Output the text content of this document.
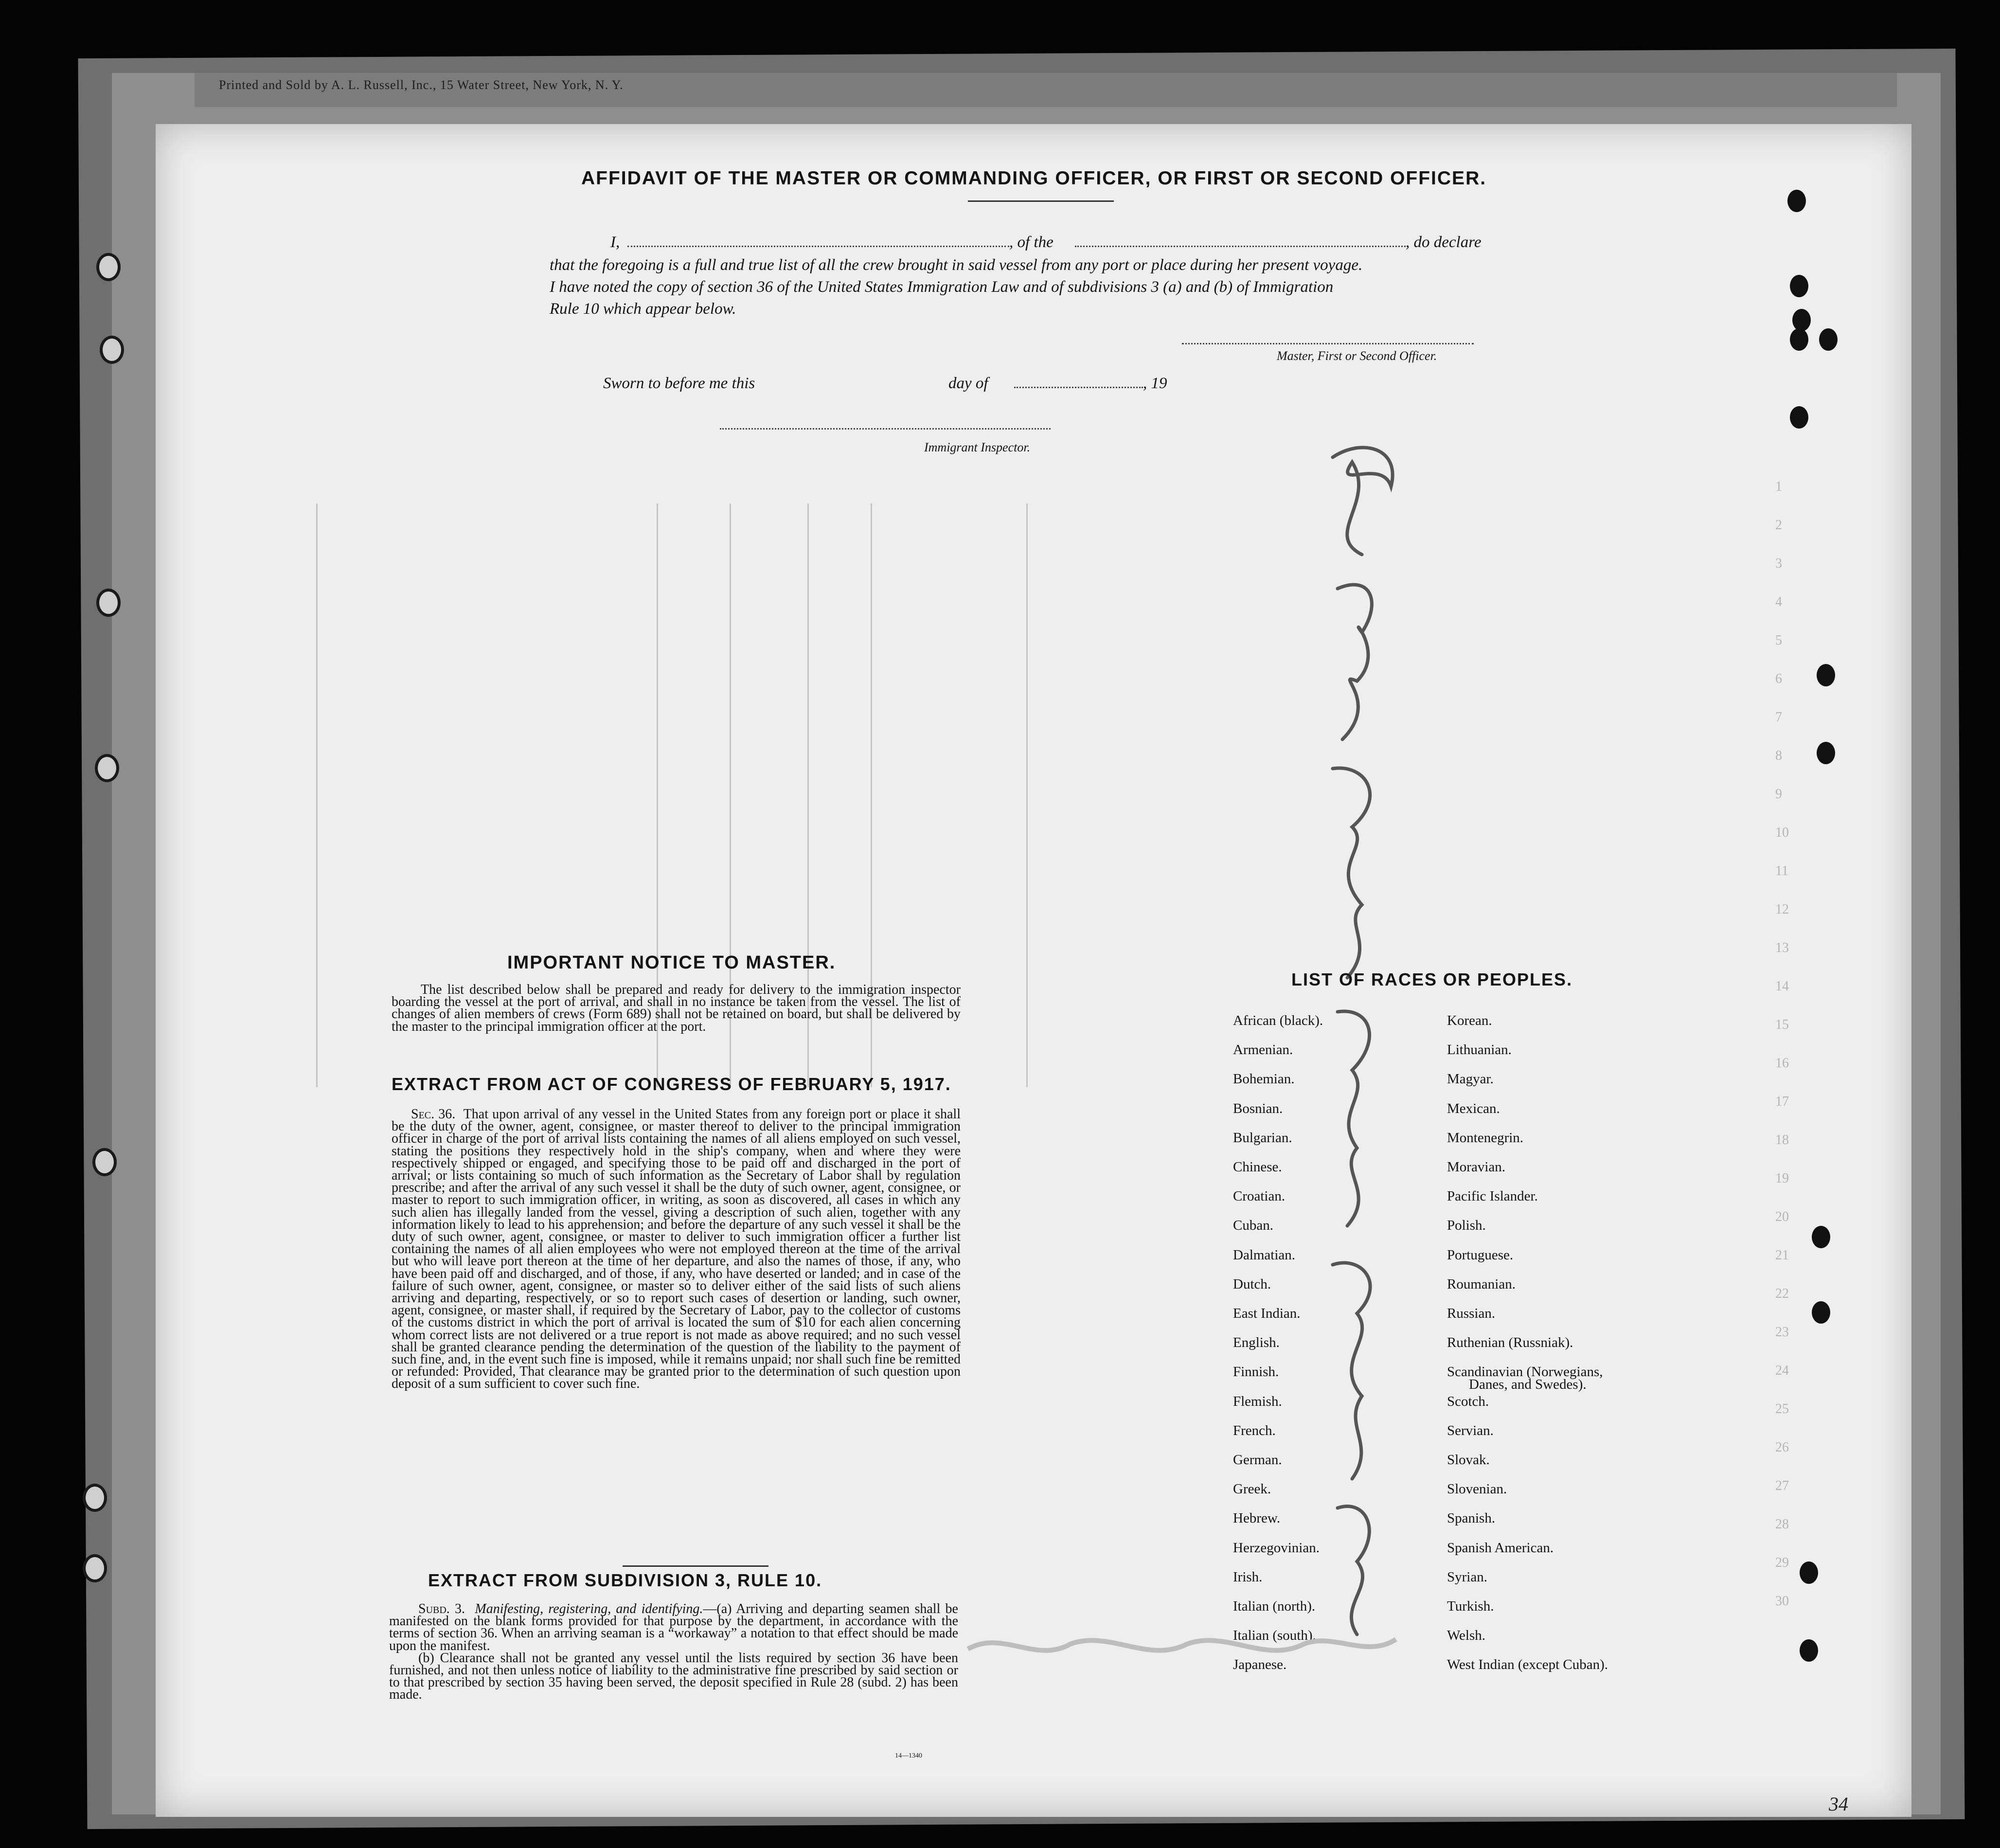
Printed and Sold by A. L. Russell, Inc., 15 Water Street, New York, N. Y.
1
2
3
4
5
6
7
8
9
10
11
12
13
14
15
16
17
18
19
20
21
22
23
24
25
26
27
28
29
30
AFFIDAVIT OF THE MASTER OR COMMANDING OFFICER, OR FIRST OR SECOND OFFICER.
I,	, of the	, do declare
that the foregoing is a full and true list of all the crew brought in said vessel from any port or place during her present voyage.
I have noted the copy of section 36 of the United States Immigration Law and of subdivisions 3 (a) and (b) of Immigration
Rule 10 which appear below.
Master, First or Second Officer.
Sworn to before me this	day of	, 19
Immigrant Inspector.
IMPORTANT NOTICE TO MASTER.
The list described below shall be prepared and ready for delivery to the immigration inspector boarding the vessel at the port of arrival, and shall in no instance be taken from the vessel. The list of changes of alien members of crews (Form 689) shall not be retained on board, but shall be delivered by the master to the principal immigration officer at the port.
EXTRACT FROM ACT OF CONGRESS OF FEBRUARY 5, 1917.

Sec. 36. That upon arrival of any vessel in the United States from any foreign port or place it shall be the duty of the owner, agent, consignee, or master thereof to deliver to the principal immigration officer in charge of the port of arrival lists containing the names of all aliens employed on such vessel, stating the positions they respectively hold in the ship's company, when and where they were respectively shipped or engaged, and specifying those to be paid off and discharged in the port of arrival; or lists containing so much of such information as the Secretary of Labor shall by regulation prescribe; and after the arrival of any such vessel it shall be the duty of such owner, agent, consignee, or master to report to such immigration officer, in writing, as soon as discovered, all cases in which any such alien has illegally landed from the vessel, giving a description of such alien, together with any information likely to lead to his apprehension; and before the departure of any such vessel it shall be the duty of such owner, agent, consignee, or master to deliver to such immigration officer a further list containing the names of all alien employees who were not employed thereon at the time of the arrival but who will leave port thereon at the time of her departure, and also the names of those, if any, who have been paid off and discharged, and of those, if any, who have deserted or landed; and in case of the failure of such owner, agent, consignee, or master so to deliver either of the said lists of such aliens arriving and departing, respectively, or so to report such cases of desertion or landing, such owner, agent, consignee, or master shall, if required by the Secretary of Labor, pay to the collector of customs of the customs district in which the port of arrival is located the sum of $10 for each alien concerning whom correct lists are not delivered or a true report is not made as above required; and no such vessel shall be granted clearance pending the determination of the question of the liability to the payment of such fine, and, in the event such fine is imposed, while it remains unpaid; nor shall such fine be remitted or refunded: Provided, That clearance may be granted prior to the determination of such question upon deposit of a sum sufficient to cover such fine.

EXTRACT FROM SUBDIVISION 3, RULE 10.

Subd. 3. Manifesting, registering, and identifying.—(a) Arriving and departing seamen shall be manifested on the blank forms provided for that purpose by the department, in accordance with the terms of section 36. When an arriving seaman is a “workaway” a notation to that effect should be made upon the manifest.

(b) Clearance shall not be granted any vessel until the lists required by section 36 have been furnished, and not then unless notice of liability to the administrative fine prescribed by said section or to that prescribed by section 35 having been served, the deposit specified in Rule 28 (subd. 2) has been made.

14—1340
LIST OF RACES OR PEOPLES.
African (black).
Armenian.
Bohemian.
Bosnian.
Bulgarian.
Chinese.
Croatian.
Cuban.
Dalmatian.
Dutch.
East Indian.
English.
Finnish.
Flemish.
French.
German.
Greek.
Hebrew.
Herzegovinian.
Irish.
Italian (north).
Italian (south).
Japanese.
Korean.
Lithuanian.
Magyar.
Mexican.
Montenegrin.
Moravian.
Pacific Islander.
Polish.
Portuguese.
Roumanian.
Russian.
Ruthenian (Russniak).
Scandinavian (Norwegians,
Danes, and Swedes).
Scotch.
Servian.
Slovak.
Slovenian.
Spanish.
Spanish American.
Syrian.
Turkish.
Welsh.
West Indian (except Cuban).
34
